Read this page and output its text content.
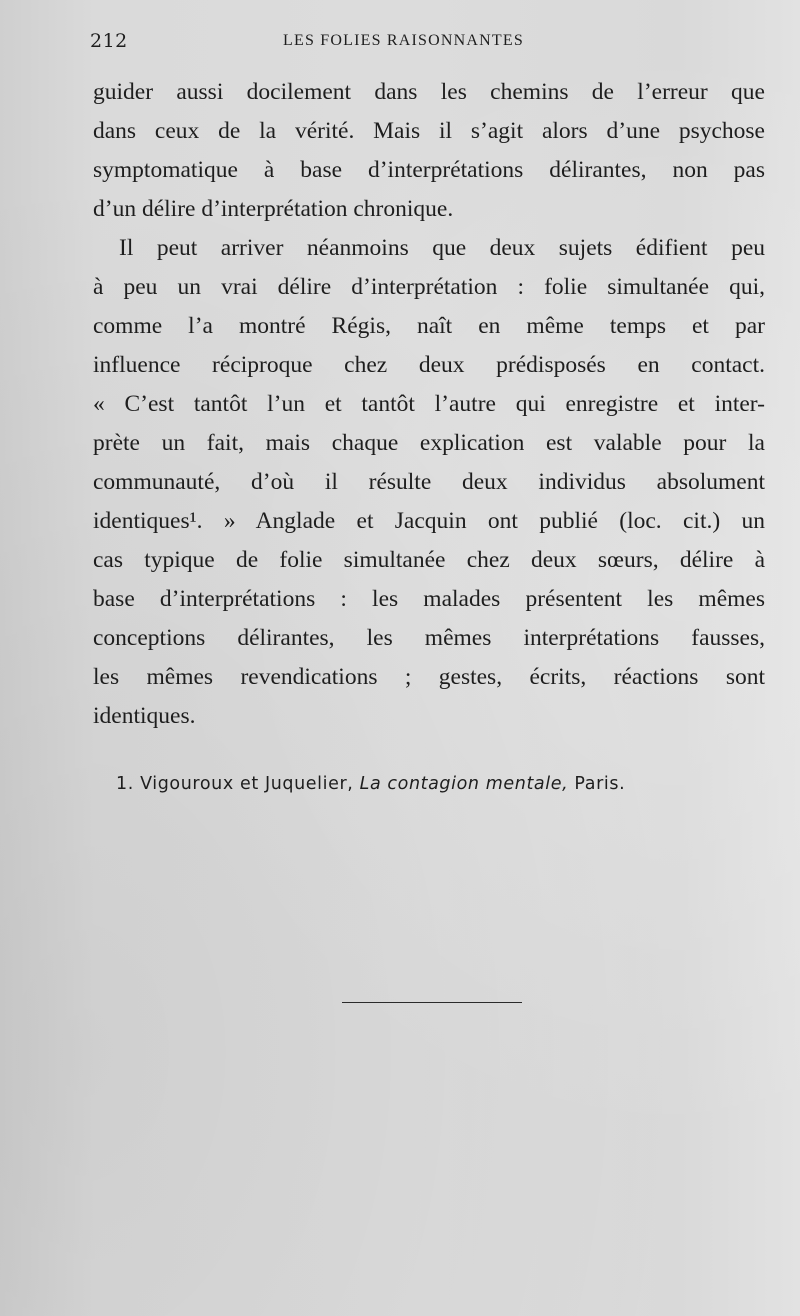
212	LES FOLIES RAISONNANTES
guider aussi docilement dans les chemins de l’erreur que
dans ceux de la vérité. Mais il s’agit alors d’une psychose
symptomatique à base d’interprétations délirantes, non pas
d’un délire d’interprétation chronique.
Il peut arriver néanmoins que deux sujets édifient peu
à peu un vrai délire d’interprétation : folie simultanée qui,
comme l’a montré Régis, naît en même temps et par
influence réciproque chez deux prédisposés en contact.
« C’est tantôt l’un et tantôt l’autre qui enregistre et inter-
prète un fait, mais chaque explication est valable pour la
communauté, d’où il résulte deux individus absolument
identiques¹. » Anglade et Jacquin ont publié (loc. cit.) un
cas typique de folie simultanée chez deux sœurs, délire à
base d’interprétations : les malades présentent les mêmes
conceptions délirantes, les mêmes interprétations fausses,
les mêmes revendications ; gestes, écrits, réactions sont
identiques.
1. Vigouroux et Juquelier, La contagion mentale, Paris.
